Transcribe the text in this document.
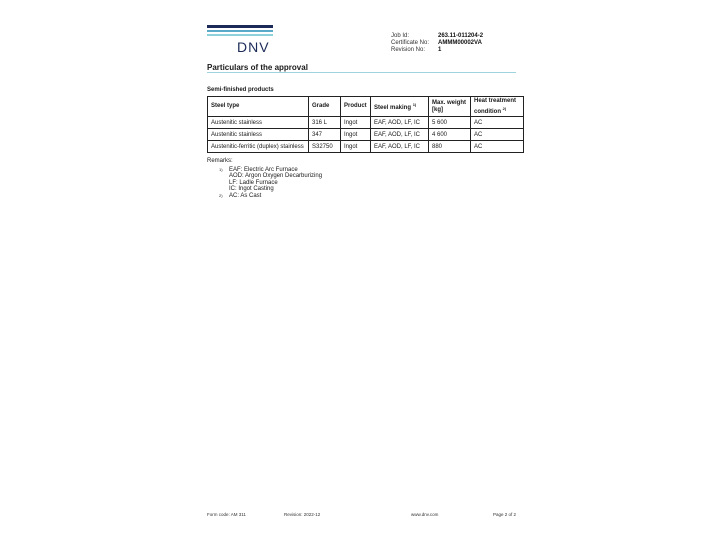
DNV
Job Id:	263.11-011204-2
Certificate No:	AMMM00002VA
Revision No:	1
Particulars of the approval
Semi-finished products
Steel type	Grade	Product	Steel making $^{1)}$	Max. weight [kg]	Heat treatment condition $^{2)}$
Austenitic stainless	316 L	Ingot	EAF, AOD, LF, IC	5 600	AC
Austenitic stainless	347	Ingot	EAF, AOD, LF, IC	4 600	AC
Austenitic-ferritic (duplex) stainless	S32750	Ingot	EAF, AOD, LF, IC	880	AC
Remarks:
1)	EAF: Electric Arc Furnace
AOD: Argon Oxygen Decarburizing
LF: Ladle Furnace
IC: Ingot Casting
2)	AC: As Cast
Form code: AM 311	Revision: 2022-12	www.dnv.com	Page 2 of 2
